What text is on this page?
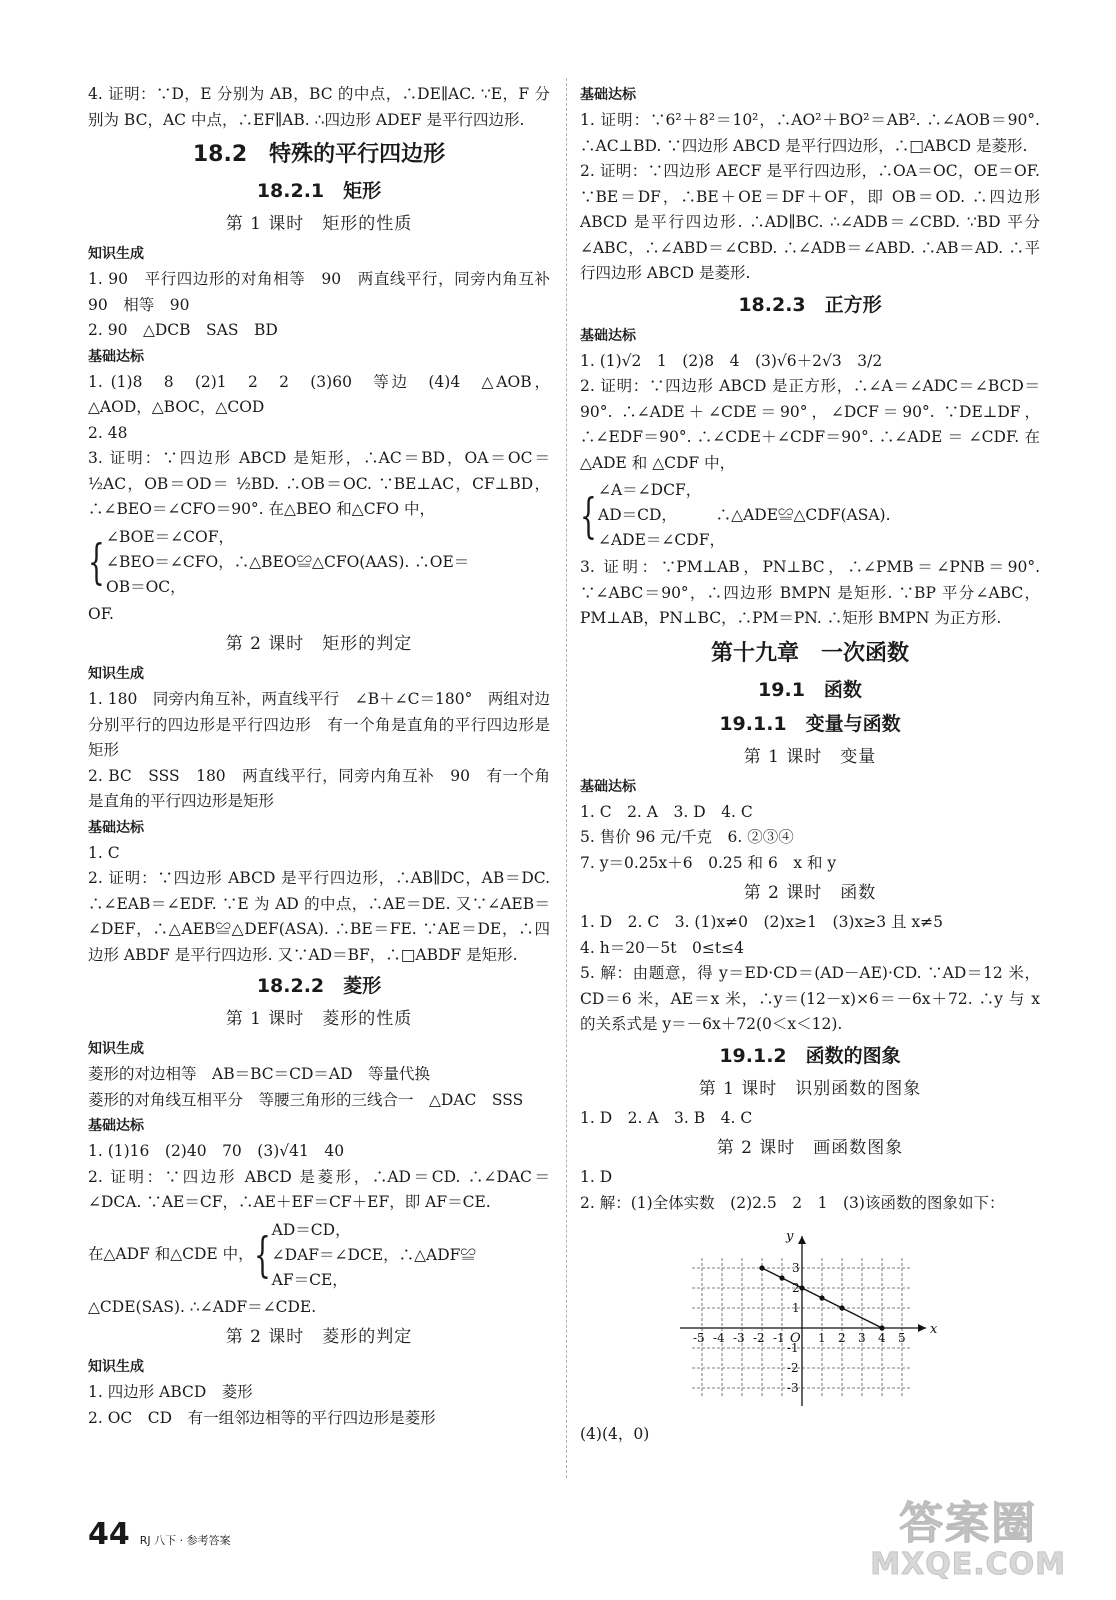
4. 证明：∵D，E 分别为 AB，BC 的中点，∴DE∥AC. ∵E，F 分别为 BC，AC 中点，∴EF∥AB. ∴四边形 ADEF 是平行四边形.

18.2　特殊的平行四边形
18.2.1　矩形
第 1 课时　矩形的性质
知识生成

1. 90　平行四边形的对角相等　90　两直线平行，同旁内角互补　90　相等　90

2. 90　△DCB　SAS　BD

基础达标

1. (1)8　8　(2)1　2　2　(3)60　等边　(4)4　△AOB，△AOD，△BOC，△COD

2. 48

3. 证明：∵四边形 ABCD 是矩形，∴AC＝BD，OA＝OC＝ ½AC，OB＝OD＝ ½BD. ∴OB＝OC. ∵BE⊥AC，CF⊥BD，∴∠BEO＝∠CFO＝90°. 在△BEO 和△CFO 中，

{ ∠BOE＝∠COF，

∠BEO＝∠CFO，∴△BEO≌△CFO(AAS). ∴OE＝

OB＝OC，

OF.

第 2 课时　矩形的判定
知识生成

1. 180　同旁内角互补，两直线平行　∠B＋∠C＝180°　两组对边分别平行的四边形是平行四边形　有一个角是直角的平行四边形是矩形

2. BC　SSS　180　两直线平行，同旁内角互补　90　有一个角是直角的平行四边形是矩形

基础达标

1. C

2. 证明：∵四边形 ABCD 是平行四边形，∴AB∥DC，AB＝DC. ∴∠EAB＝∠EDF. ∵E 为 AD 的中点，∴AE＝DE. 又∵∠AEB＝∠DEF，∴△AEB≌△DEF(ASA). ∴BE＝FE. ∵AE＝DE，∴四边形 ABDF 是平行四边形. 又∵AD＝BF，∴□ABDF 是矩形.

18.2.2　菱形
第 1 课时　菱形的性质
知识生成

菱形的对边相等　AB＝BC＝CD＝AD　等量代换

菱形的对角线互相平分　等腰三角形的三线合一　△DAC　SSS

基础达标

1. (1)16　(2)40　70　(3)√41　40

2. 证明：∵四边形 ABCD 是菱形，∴AD＝CD. ∴∠DAC＝∠DCA. ∵AE＝CF，∴AE＋EF＝CF＋EF，即 AF＝CE.

在△ADF 和△CDE 中， { AD＝CD，

∠DAF＝∠DCE，∴△ADF≌

AF＝CE，

△CDE(SAS). ∴∠ADF＝∠CDE.

第 2 课时　菱形的判定
知识生成

1. 四边形 ABCD　菱形

2. OC　CD　有一组邻边相等的平行四边形是菱形

基础达标

1. 证明：∵6²＋8²＝10²，∴AO²＋BO²＝AB². ∴∠AOB＝90°. ∴AC⊥BD. ∵四边形 ABCD 是平行四边形，∴□ABCD 是菱形.

2. 证明：∵四边形 AECF 是平行四边形，∴OA＝OC，OE＝OF. ∵BE＝DF，∴BE＋OE＝DF＋OF，即 OB＝OD. ∴四边形 ABCD 是平行四边形. ∴AD∥BC. ∴∠ADB＝∠CBD. ∵BD 平分∠ABC，∴∠ABD＝∠CBD. ∴∠ADB＝∠ABD. ∴AB＝AD. ∴平行四边形 ABCD 是菱形.

18.2.3　正方形
基础达标

1. (1)√2　1　(2)8　4　(3)√6＋2√3　3/2

2. 证明：∵四边形 ABCD 是正方形，∴∠A＝∠ADC＝∠BCD＝90°. ∴∠ADE＋∠CDE＝90°，∠DCF＝90°. ∵DE⊥DF，∴∠EDF＝90°. ∴∠CDE＋∠CDF＝90°. ∴∠ADE ＝ ∠CDF. 在 △ADE 和 △CDF 中，

{ ∠A＝∠DCF，

AD＝CD，　　　∴△ADE≌△CDF(ASA).

∠ADE＝∠CDF，

3. 证明：∵PM⊥AB，PN⊥BC，∴∠PMB＝∠PNB＝90°. ∵∠ABC＝90°，∴四边形 BMPN 是矩形. ∵BP 平分∠ABC，PM⊥AB，PN⊥BC，∴PM＝PN. ∴矩形 BMPN 为正方形.

第十九章　一次函数
19.1　函数
19.1.1　变量与函数
第 1 课时　变量
基础达标

1. C　2. A　3. D　4. C

5. 售价 96 元/千克　6. ②③④

7. y＝0.25x＋6　0.25 和 6　x 和 y

第 2 课时　函数

1. D　2. C　3. (1)x≠0　(2)x≥1　(3)x≥3 且 x≠5

4. h＝20－5t　0≤t≤4

5. 解：由题意，得 y＝ED·CD＝(AD－AE)·CD. ∵AD＝12 米，CD＝6 米，AE＝x 米，∴y＝(12－x)×6＝－6x＋72. ∴y 与 x 的关系式是 y＝－6x＋72(0＜x＜12).

19.1.2　函数的图象
第 1 课时　识别函数的图象

1. D　2. A　3. B　4. C

第 2 课时　画函数图象

1. D

2. 解：(1)全体实数　(2)2.5　2　1　(3)该函数的图象如下：

x
y
O
-5 -4 -3 -2 -1	1 2 3 4 5
-3
-2
-1
1
2
3

(4)(4，0)

44 RJ 八下 · 参考答案	答案圈
MXQE.COM
